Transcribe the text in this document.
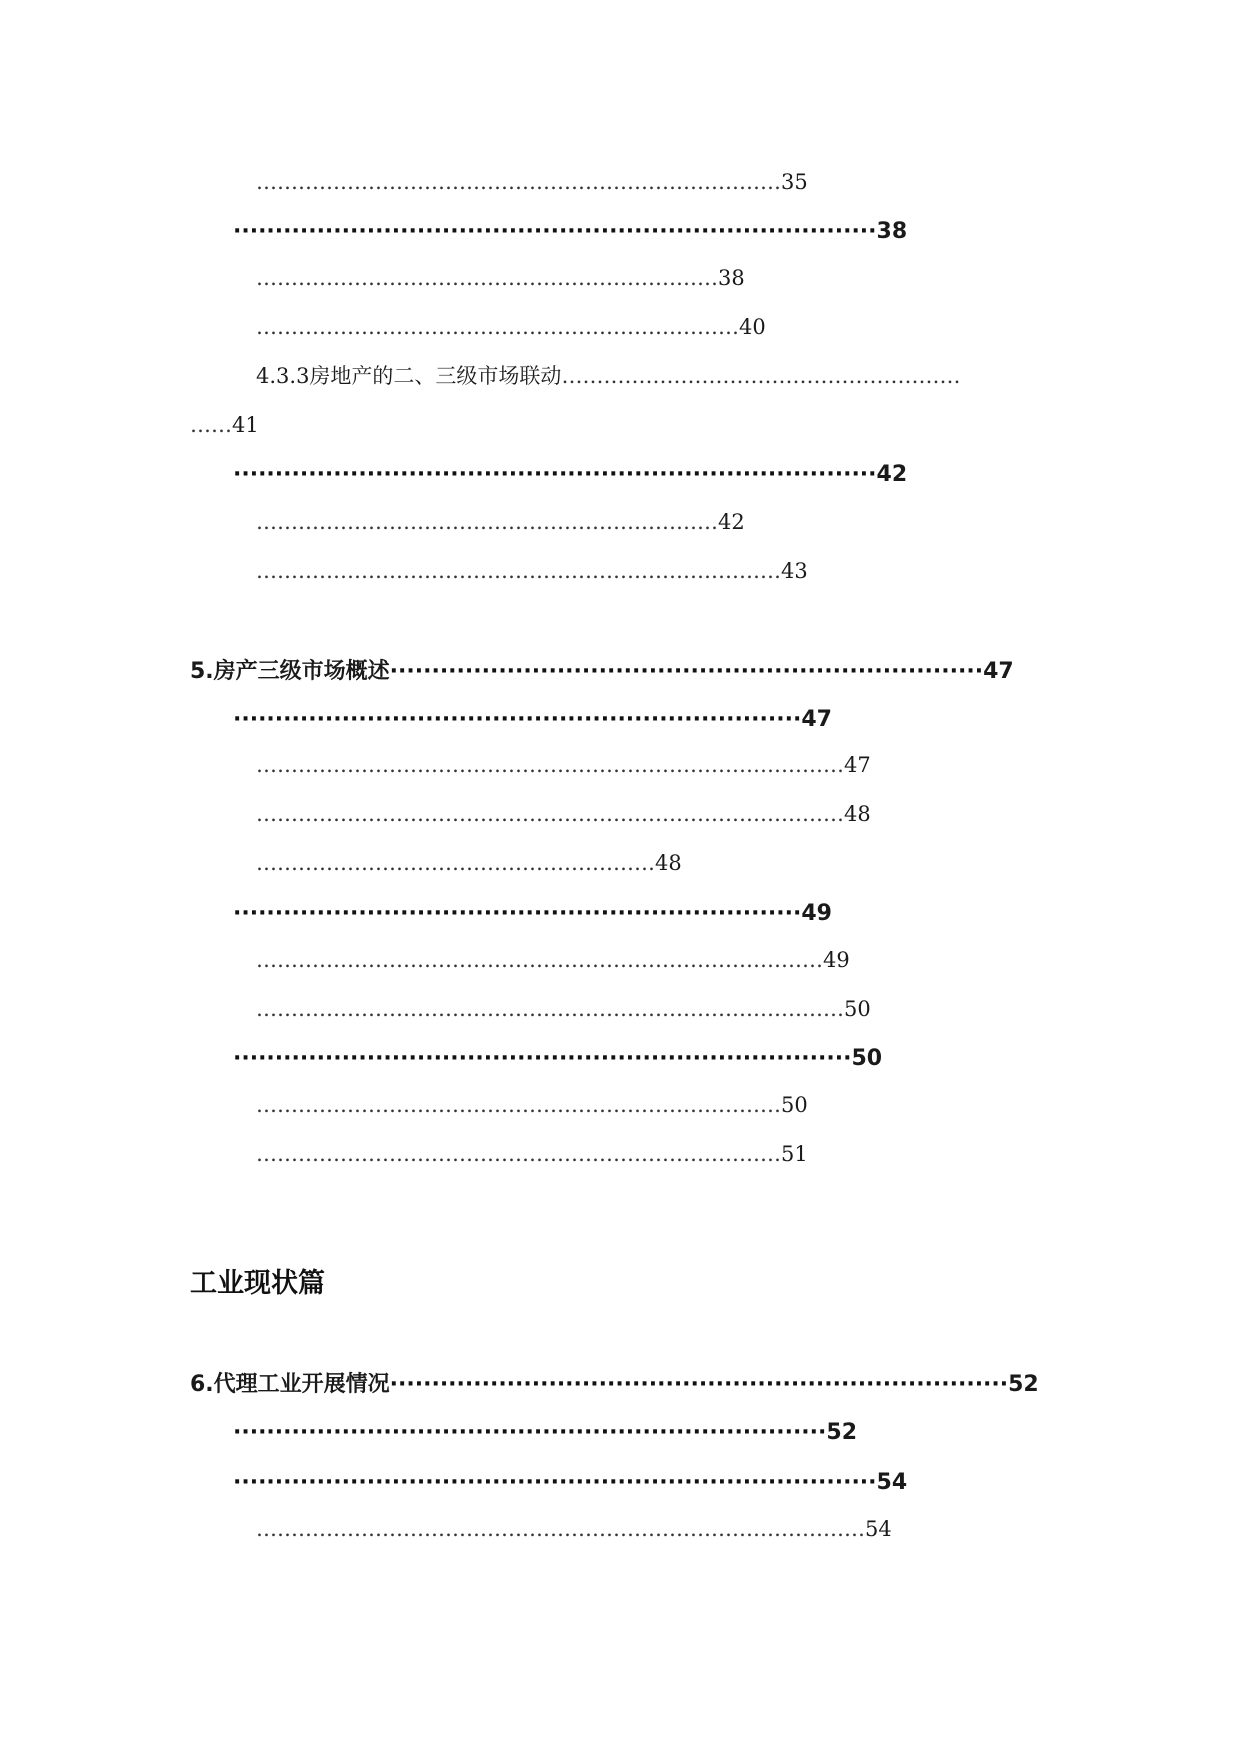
…………………………………………………………………35
·············································································38
…………………………………………………………38
……………………………………………………………40
4.3.3房地产的二、三级市场联动…………………………………………………
……41
·············································································42
…………………………………………………………42
…………………………………………………………………43
5.房产三级市场概述·······································································47
····································································47
…………………………………………………………………………47
…………………………………………………………………………48
…………………………………………………48
····································································49
………………………………………………………………………49
…………………………………………………………………………50
··········································································50
…………………………………………………………………50
…………………………………………………………………51
工业现状篇
6.代理工业开展情况··········································································52
·······································································52
·············································································54
……………………………………………………………………………54
